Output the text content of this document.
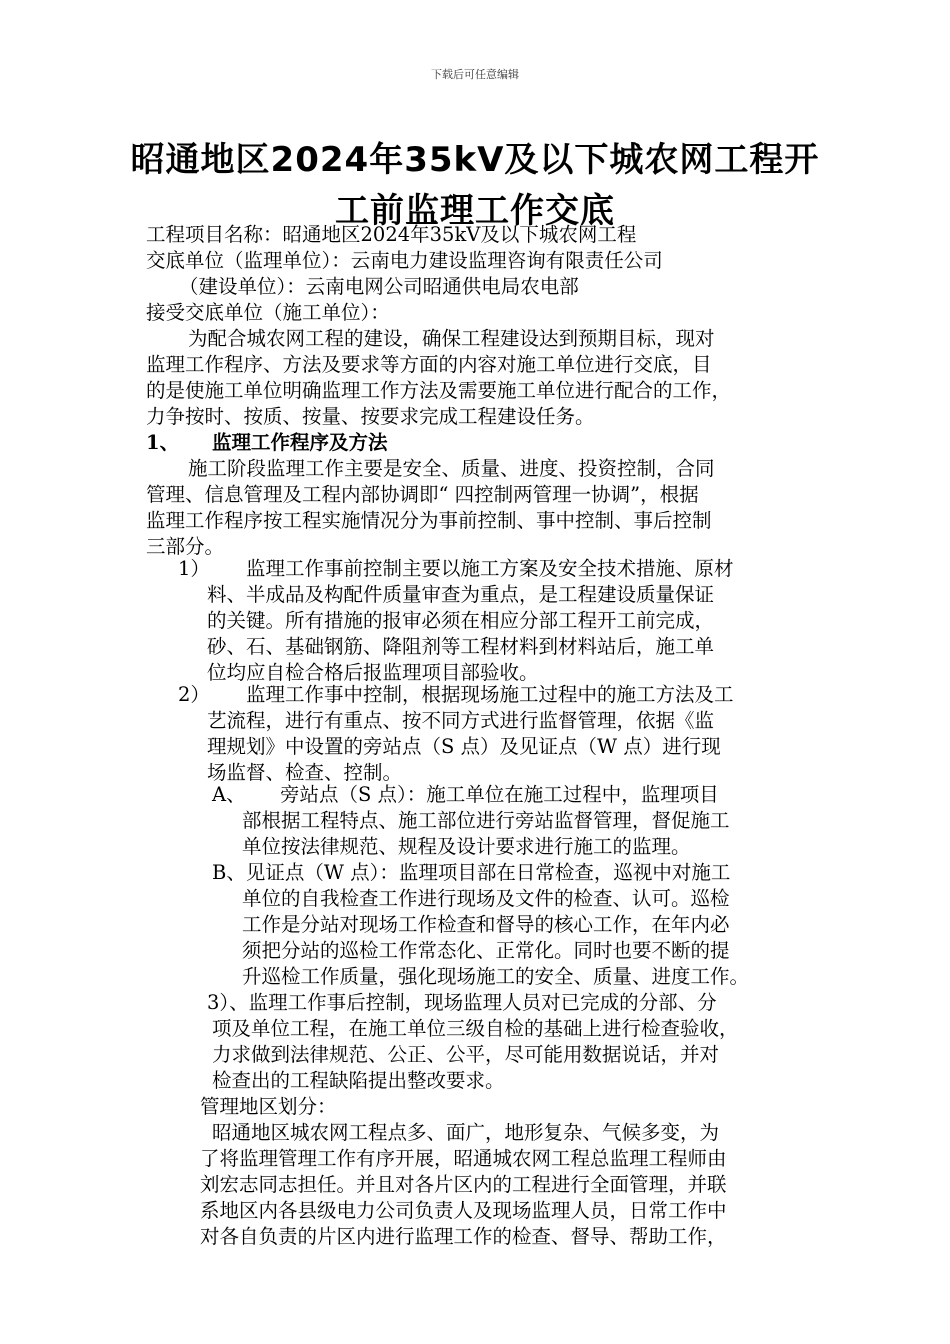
下载后可任意编辑
昭通地区2024年35kV及以下城农网工程开
工前监理工作交底
工程项目名称：昭通地区2024年35kV及以下城农网工程
交底单位（监理单位）：云南电力建设监理咨询有限责任公司
（建设单位）：云南电网公司昭通供电局农电部
接受交底单位（施工单位）：
为配合城农网工程的建设，确保工程建设达到预期目标，现对
监理工作程序、方法及要求等方面的内容对施工单位进行交底，目
的是使施工单位明确监理工作方法及需要施工单位进行配合的工作，
力争按时、按质、按量、按要求完成工程建设任务。
1、 监理工作程序及方法
施工阶段监理工作主要是安全、质量、进度、投资控制，合同
管理、信息管理及工程内部协调即“ 四控制两管理一协调”，根据
监理工作程序按工程实施情况分为事前控制、事中控制、事后控制
三部分。
1） 监理工作事前控制主要以施工方案及安全技术措施、原材
料、半成品及构配件质量审查为重点，是工程建设质量保证
的关键。所有措施的报审必须在相应分部工程开工前完成，
砂、石、基础钢筋、降阻剂等工程材料到材料站后，施工单
位均应自检合格后报监理项目部验收。
2） 监理工作事中控制，根据现场施工过程中的施工方法及工
艺流程，进行有重点、按不同方式进行监督管理，依据《监
理规划》中设置的旁站点（S 点）及见证点（W 点）进行现
场监督、检查、控制。
A、 旁站点（S 点）：施工单位在施工过程中，监理项目
部根据工程特点、施工部位进行旁站监督管理，督促施工
单位按法律规范、规程及设计要求进行施工的监理。
B、见证点（W 点）：监理项目部在日常检查，巡视中对施工
单位的自我检查工作进行现场及文件的检查、认可。巡检
工作是分站对现场工作检查和督导的核心工作，在年内必
须把分站的巡检工作常态化、正常化。同时也要不断的提
升巡检工作质量，强化现场施工的安全、质量、进度工作。
3）、监理工作事后控制，现场监理人员对已完成的分部、分
项及单位工程，在施工单位三级自检的基础上进行检查验收，
力求做到法律规范、公正、公平，尽可能用数据说话，并对
检查出的工程缺陷提出整改要求。
管理地区划分：
昭通地区城农网工程点多、面广，地形复杂、气候多变，为
了将监理管理工作有序开展，昭通城农网工程总监理工程师由
刘宏志同志担任。并且对各片区内的工程进行全面管理，并联
系地区内各县级电力公司负责人及现场监理人员，日常工作中
对各自负责的片区内进行监理工作的检查、督导、帮助工作，
